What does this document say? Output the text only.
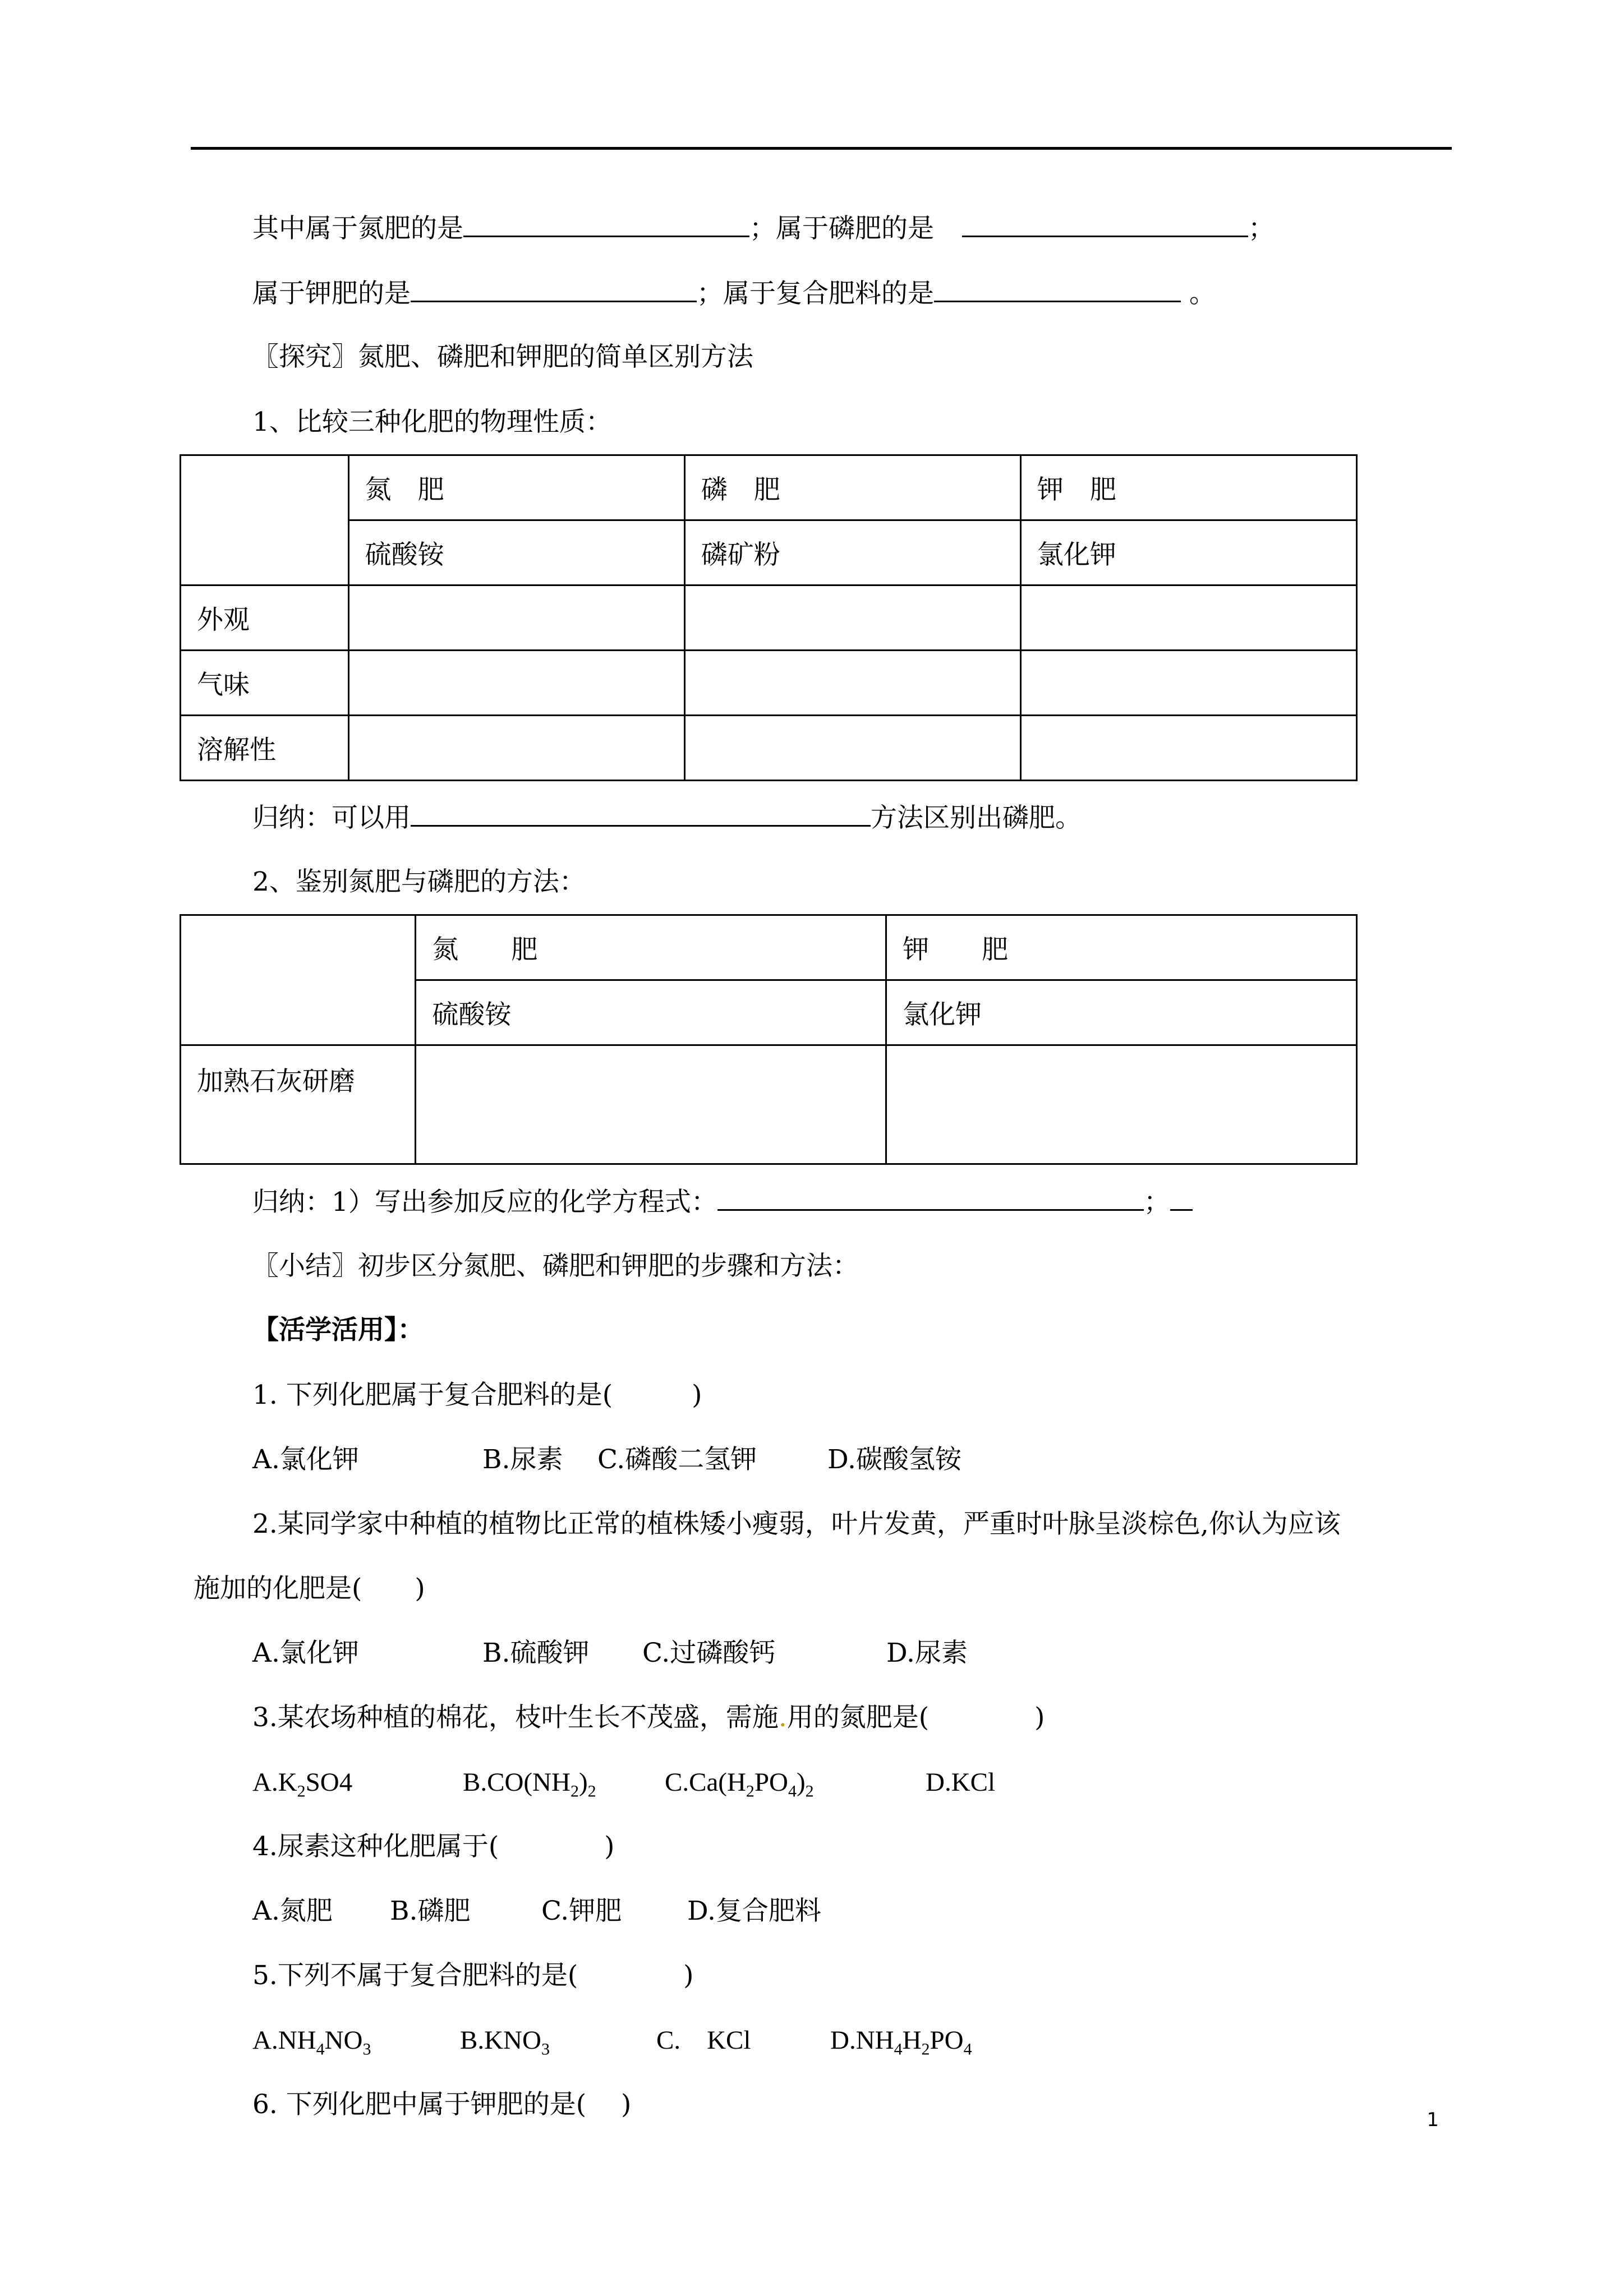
其中属于氮肥的是	；属于磷肥的是	；
属于钾肥的是	；属于复合肥料的是	。
〖探究〗氮肥、磷肥和钾肥的简单区别方法
1、比较三种化肥的物理性质：
	氮　肥	磷　肥	钾　肥
	硫酸铵	磷矿粉	氯化钾
外观			
气味			
溶解性			
归纳：可以用	方法区别出磷肥。
2、鉴别氮肥与磷肥的方法：
	氮　　肥	钾　　肥
	硫酸铵	氯化钾
加熟石灰研磨		
归纳：1）写出参加反应的化学方程式：	；
〖小结〗初步区分氮肥、磷肥和钾肥的步骤和方法：
【活学活用】：
1. 下列化肥属于复合肥料的是(　　　)
A.氯化钾	B.尿素 C.磷酸二氢钾	D.碳酸氢铵
2.某同学家中种植的植物比正常的植株矮小瘦弱，叶片发黄，严重时叶脉呈淡棕色,你认为应该
施加的化肥是(　　)
A.氯化钾	B.硫酸钾 C.过磷酸钙	D.尿素
3.某农场种植的棉花，枝叶生长不茂盛，需施.用的氮肥是(　　　　)
$A.K_2SO4$	$B.CO(NH_2)_2$	$C.Ca(H_2PO_4)_2$	D.KCl
4.尿素这种化肥属于(　　　　)
A.氮肥 B.磷肥	C.钾肥 D.复合肥料
5.下列不属于复合肥料的是(　　　　)
$A.NH_4NO_3$	$B.KNO_3$	C.　KCl	$D.NH_4H_2PO_4$
6. 下列化肥中属于钾肥的是(　 )	1
